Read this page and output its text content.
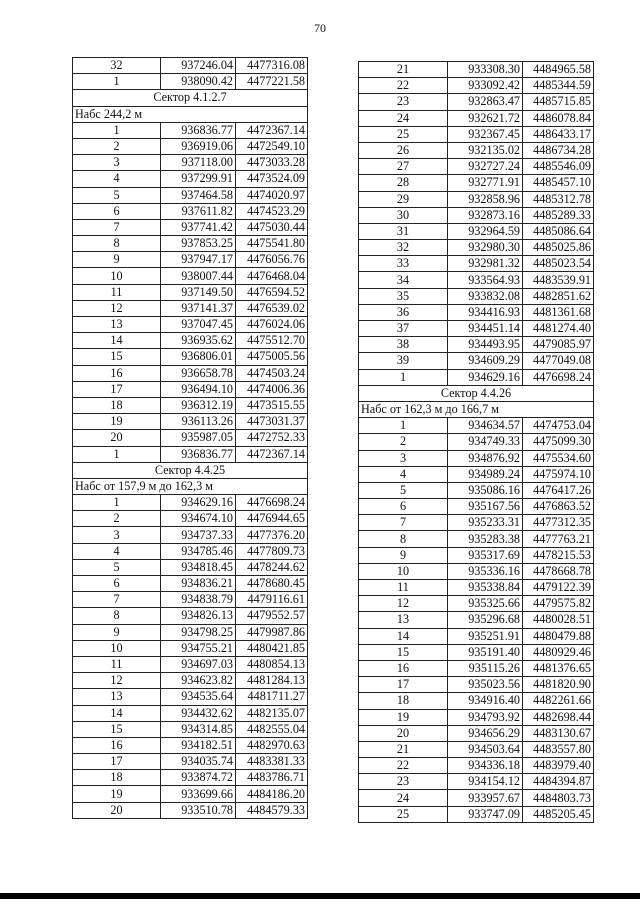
70
32	937246.04	4477316.08
1	938090.42	4477221.58
Сектор 4.1.2.7		
Набс 244,2 м		
1	936836.77	4472367.14
2	936919.06	4472549.10
3	937118.00	4473033.28
4	937299.91	4473524.09
5	937464.58	4474020.97
6	937611.82	4474523.29
7	937741.42	4475030.44
8	937853.25	4475541.80
9	937947.17	4476056.76
10	938007.44	4476468.04
11	937149.50	4476594.52
12	937141.37	4476539.02
13	937047.45	4476024.06
14	936935.62	4475512.70
15	936806.01	4475005.56
16	936658.78	4474503.24
17	936494.10	4474006.36
18	936312.19	4473515.55
19	936113.26	4473031.37
20	935987.05	4472752.33
1	936836.77	4472367.14
Сектор 4.4.25		
Набс от 157,9 м до 162,3 м		
1	934629.16	4476698.24
2	934674.10	4476944.65
3	934737.33	4477376.20
4	934785.46	4477809.73
5	934818.45	4478244.62
6	934836.21	4478680.45
7	934838.79	4479116.61
8	934826.13	4479552.57
9	934798.25	4479987.86
10	934755.21	4480421.85
11	934697.03	4480854.13
12	934623.82	4481284.13
13	934535.64	4481711.27
14	934432.62	4482135.07
15	934314.85	4482555.04
16	934182.51	4482970.63
17	934035.74	4483381.33
18	933874.72	4483786.71
19	933699.66	4484186.20
20	933510.78	4484579.33
21	933308.30	4484965.58
22	933092.42	4485344.59
23	932863.47	4485715.85
24	932621.72	4486078.84
25	932367.45	4486433.17
26	932135.02	4486734.28
27	932727.24	4485546.09
28	932771.91	4485457.10
29	932858.96	4485312.78
30	932873.16	4485289.33
31	932964.59	4485086.64
32	932980.30	4485025.86
33	932981.32	4485023.54
34	933564.93	4483539.91
35	933832.08	4482851.62
36	934416.93	4481361.68
37	934451.14	4481274.40
38	934493.95	4479085.97
39	934609.29	4477049.08
1	934629.16	4476698.24
Сектор 4.4.26		
Набс от 162,3 м до 166,7 м		
1	934634.57	4474753.04
2	934749.33	4475099.30
3	934876.92	4475534.60
4	934989.24	4475974.10
5	935086.16	4476417.26
6	935167.56	4476863.52
7	935233.31	4477312.35
8	935283.38	4477763.21
9	935317.69	4478215.53
10	935336.16	4478668.78
11	935338.84	4479122.39
12	935325.66	4479575.82
13	935296.68	4480028.51
14	935251.91	4480479.88
15	935191.40	4480929.46
16	935115.26	4481376.65
17	935023.56	4481820.90
18	934916.40	4482261.66
19	934793.92	4482698.44
20	934656.29	4483130.67
21	934503.64	4483557.80
22	934336.18	4483979.40
23	934154.12	4484394.87
24	933957.67	4484803.73
25	933747.09	4485205.45
